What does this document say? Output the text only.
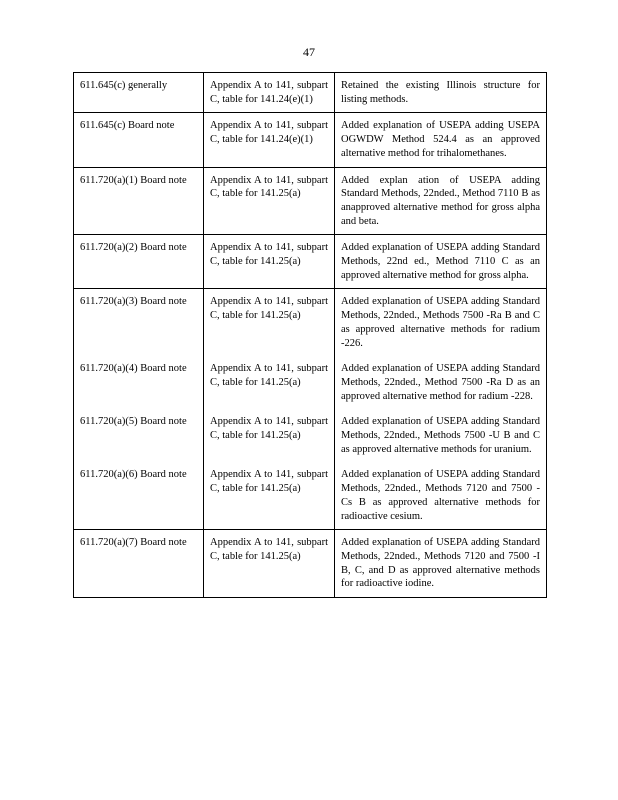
47
611.645(c) generally	Appendix A to 141, subpart C, table for 141.24(e)(1)	Retained the existing Illinois structure for listing methods.
611.645(c) Board note	Appendix A to 141, subpart C, table for 141.24(e)(1)	Added explanation of USEPA adding USEPA OGWDW Method 524.4 as an approved alternative method for trihalomethanes.
611.720(a)(1) Board note	Appendix A to 141, subpart C, table for 141.25(a)	Added explan ation of USEPA adding Standard Methods, 22nded., Method 7110 B as anapproved alternative method for gross alpha and beta.
611.720(a)(2) Board note	Appendix A to 141, subpart C, table for 141.25(a)	Added explanation of USEPA adding Standard Methods, 22nd ed., Method 7110 C as an approved alternative method for gross alpha.
611.720(a)(3) Board note	Appendix A to 141, subpart C, table for 141.25(a)	Added explanation of USEPA adding Standard Methods, 22nded., Methods 7500 -Ra B and C as approved alternative methods for radium -226.
611.720(a)(4) Board note	Appendix A to 141, subpart C, table for 141.25(a)	Added explanation of USEPA adding Standard Methods, 22nded., Method 7500 -Ra D as an approved alternative method for radium -228.
611.720(a)(5) Board note	Appendix A to 141, subpart C, table for 141.25(a)	Added explanation of USEPA adding Standard Methods, 22nded., Methods 7500 -U B and C as approved alternative methods for uranium.
611.720(a)(6) Board note	Appendix A to 141, subpart C, table for 141.25(a)	Added explanation of USEPA adding Standard Methods, 22nded., Methods 7120 and 7500 -Cs B as approved alternative methods for radioactive cesium.
611.720(a)(7) Board note	Appendix A to 141, subpart C, table for 141.25(a)	Added explanation of USEPA adding Standard Methods, 22nded., Methods 7120 and 7500 -I B, C, and D as approved alternative methods for radioactive iodine.
